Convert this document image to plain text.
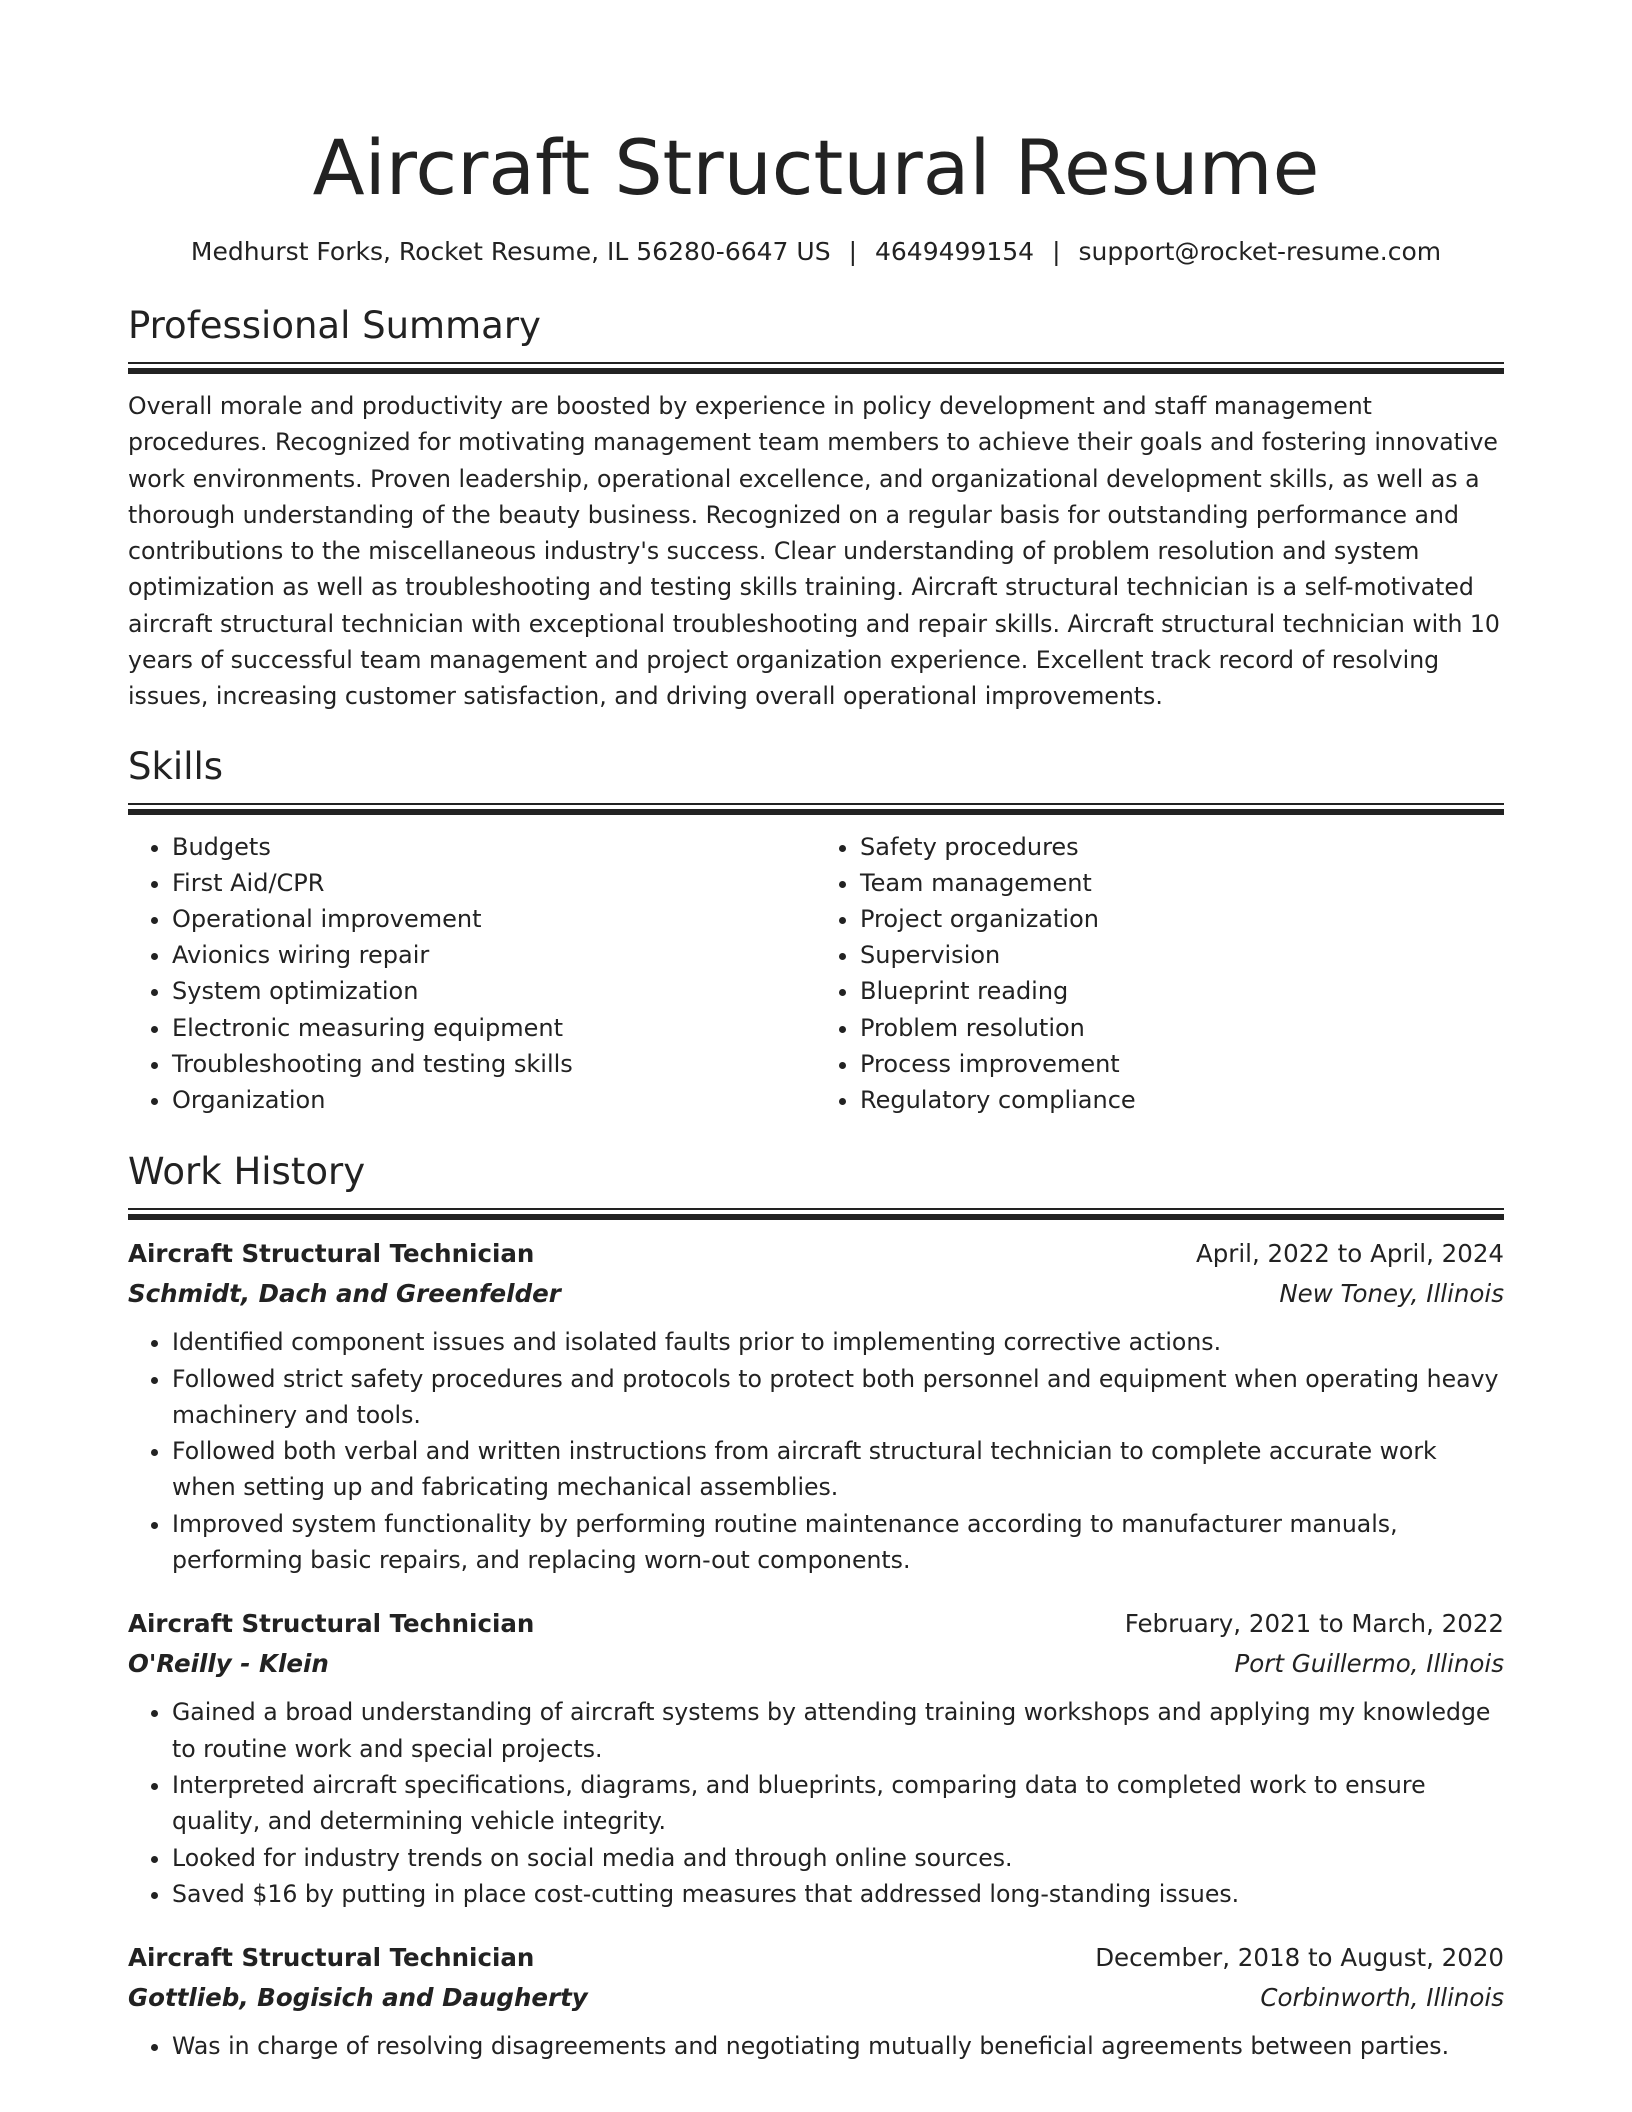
Aircraft Structural Resume
Medhurst Forks, Rocket Resume, IL 56280-6647 US | 4649499154 | support@rocket-resume.com
Professional Summary

Overall morale and productivity are boosted by experience in policy development and staff management procedures. Recognized for motivating management team members to achieve their goals and fostering innovative work environments. Proven leadership, operational excellence, and organizational development skills, as well as a thorough understanding of the beauty business. Recognized on a regular basis for outstanding performance and contributions to the miscellaneous industry's success. Clear understanding of problem resolution and system optimization as well as troubleshooting and testing skills training. Aircraft structural technician is a self-motivated aircraft structural technician with exceptional troubleshooting and repair skills. Aircraft structural technician with 10 years of successful team management and project organization experience. Excellent track record of resolving issues, increasing customer satisfaction, and driving overall operational improvements.

Skills
• Budgets
• First Aid/CPR
• Operational improvement
• Avionics wiring repair
• System optimization
• Electronic measuring equipment
• Troubleshooting and testing skills
• Organization
• Safety procedures
• Team management
• Project organization
• Supervision
• Blueprint reading
• Problem resolution
• Process improvement
• Regulatory compliance
Work History
Aircraft Structural Technician	April, 2022 to April, 2024
Schmidt, Dach and Greenfelder	New Toney, Illinois
• Identified component issues and isolated faults prior to implementing corrective actions.
• Followed strict safety procedures and protocols to protect both personnel and equipment when operating heavy machinery and tools.
• Followed both verbal and written instructions from aircraft structural technician to complete accurate work when setting up and fabricating mechanical assemblies.
• Improved system functionality by performing routine maintenance according to manufacturer manuals, performing basic repairs, and replacing worn-out components.
Aircraft Structural Technician	February, 2021 to March, 2022
O'Reilly - Klein	Port Guillermo, Illinois
• Gained a broad understanding of aircraft systems by attending training workshops and applying my knowledge to routine work and special projects.
• Interpreted aircraft specifications, diagrams, and blueprints, comparing data to completed work to ensure quality, and determining vehicle integrity.
• Looked for industry trends on social media and through online sources.
• Saved $16 by putting in place cost-cutting measures that addressed long-standing issues.
Aircraft Structural Technician	December, 2018 to August, 2020
Gottlieb, Bogisich and Daugherty	Corbinworth, Illinois
• Was in charge of resolving disagreements and negotiating mutually beneficial agreements between parties.
